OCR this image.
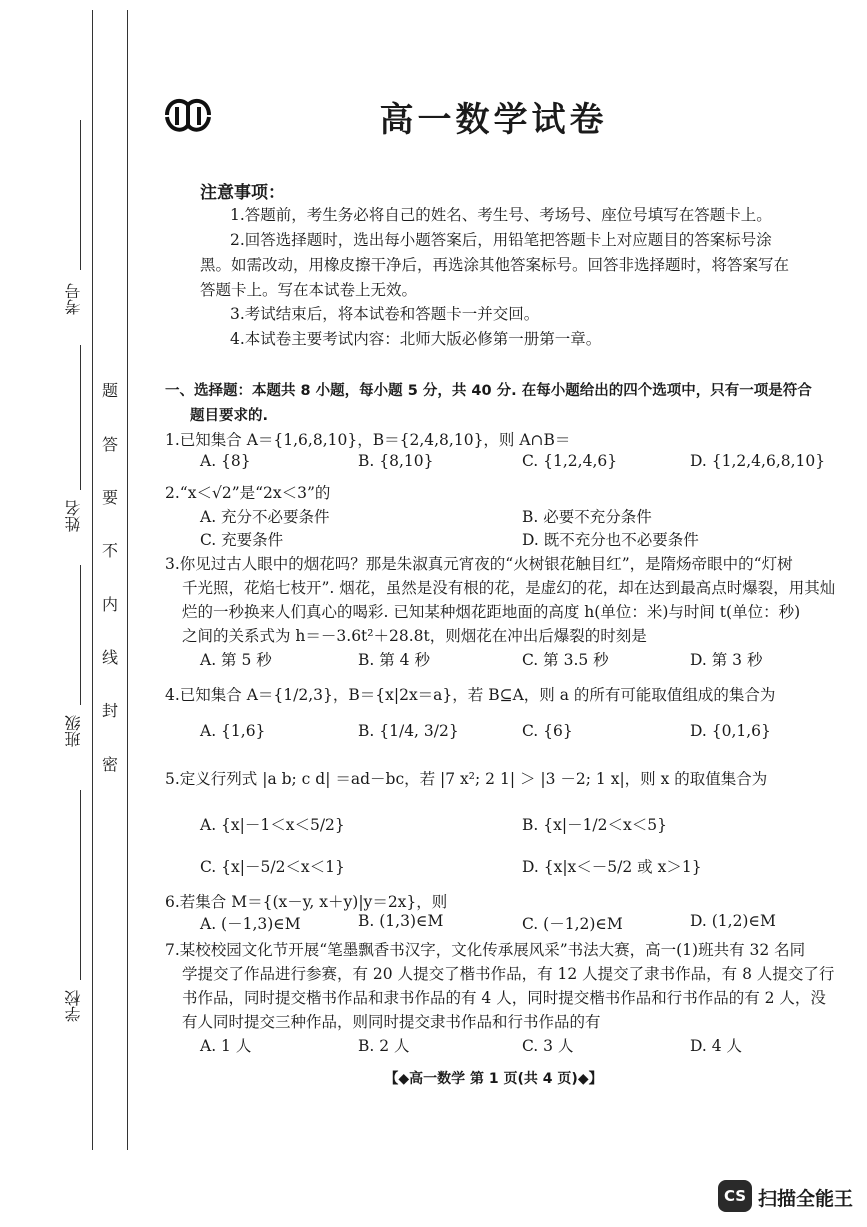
考号
姓名
班级
学校
题
答
要
不
内
线
封
密
高一数学试卷
注意事项：
1.答题前，考生务必将自己的姓名、考生号、考场号、座位号填写在答题卡上。
2.回答选择题时，选出每小题答案后，用铅笔把答题卡上对应题目的答案标号涂
黑。如需改动，用橡皮擦干净后，再选涂其他答案标号。回答非选择题时，将答案写在
答题卡上。写在本试卷上无效。
3.考试结束后，将本试卷和答题卡一并交回。
4.本试卷主要考试内容：北师大版必修第一册第一章。
一、选择题：本题共 8 小题，每小题 5 分，共 40 分. 在每小题给出的四个选项中，只有一项是符合
题目要求的.
1.已知集合 A＝{1,6,8,10}，B＝{2,4,8,10}，则 A∩B＝
A. {8}	B. {8,10}	C. {1,2,4,6}	D. {1,2,4,6,8,10}
2.“x＜√2”是“2x＜3”的
A. 充分不必要条件	B. 必要不充分条件
C. 充要条件	D. 既不充分也不必要条件
3.你见过古人眼中的烟花吗？那是朱淑真元宵夜的“火树银花触目红”，是隋炀帝眼中的“灯树
千光照，花焰七枝开”. 烟花，虽然是没有根的花，是虚幻的花，却在达到最高点时爆裂，用其灿
烂的一秒换来人们真心的喝彩. 已知某种烟花距地面的高度 h(单位：米)与时间 t(单位：秒)
之间的关系式为 h＝－3.6t²＋28.8t，则烟花在冲出后爆裂的时刻是
A. 第 5 秒	B. 第 4 秒	C. 第 3.5 秒	D. 第 3 秒
4.已知集合 A＝{1/2,3}，B＝{x|2x＝a}，若 B⊆A，则 a 的所有可能取值组成的集合为
A. {1,6}	B. {1/4, 3/2}	C. {6}	D. {0,1,6}
5.定义行列式 |a b; c d| ＝ad－bc，若 |7 x²; 2 1| ＞ |3 －2; 1 x|，则 x 的取值集合为
A. {x|－1＜x＜5/2}	B. {x|－1/2＜x＜5}
C. {x|－5/2＜x＜1}	D. {x|x＜－5/2 或 x＞1}
6.若集合 M＝{(x－y, x＋y)|y＝2x}，则
A. (－1,3)∈M	B. (1,3)∈M	C. (－1,2)∈M	D. (1,2)∈M
7.某校校园文化节开展“笔墨飘香书汉字，文化传承展风采”书法大赛，高一(1)班共有 32 名同
学提交了作品进行参赛，有 20 人提交了楷书作品，有 12 人提交了隶书作品，有 8 人提交了行
书作品，同时提交楷书作品和隶书作品的有 4 人，同时提交楷书作品和行书作品的有 2 人，没
有人同时提交三种作品，则同时提交隶书作品和行书作品的有
A. 1 人	B. 2 人	C. 3 人	D. 4 人
【◆高一数学 第 1 页(共 4 页)◆】
CS 扫描全能王
